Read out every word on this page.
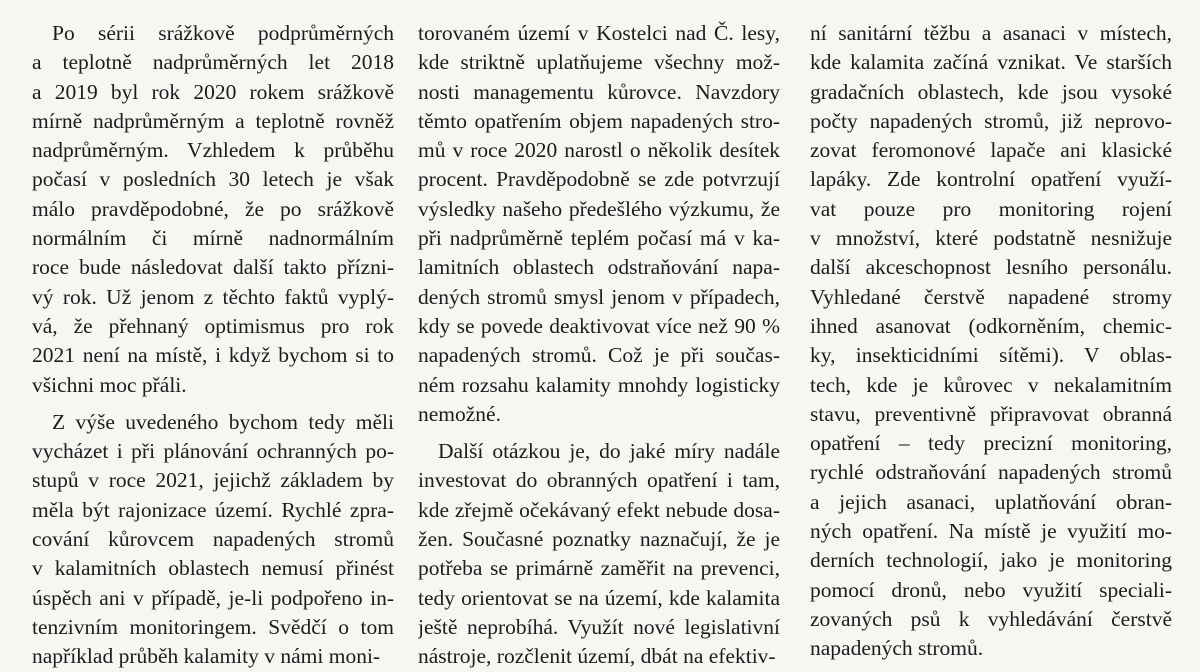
Po sérii srážkově podprůměrných
a teplotně nadprůměrných let 2018
a 2019 byl rok 2020 rokem srážkově
mírně nadprůměrným a teplotně rovněž
nadprůměrným. Vzhledem k průběhu
počasí v posledních 30 letech je však
málo pravděpodobné, že po srážkově
normálním či mírně nadnormálním
roce bude následovat další takto přízni-
vý rok. Už jenom z těchto faktů vyplý-
vá, že přehnaný optimismus pro rok
2021 není na místě, i když bychom si to
všichni moc přáli.
Z výše uvedeného bychom tedy měli
vycházet i při plánování ochranných po-
stupů v roce 2021, jejichž základem by
měla být rajonizace území. Rychlé zpra-
cování kůrovcem napadených stromů
v kalamitních oblastech nemusí přinést
úspěch ani v případě, je-li podpořeno in-
tenzivním monitoringem. Svědčí o tom
například průběh kalamity v námi moni-
torovaném území v Kostelci nad Č. lesy,
kde striktně uplatňujeme všechny mož-
nosti managementu kůrovce. Navzdory
těmto opatřením objem napadených stro-
mů v roce 2020 narostl o několik desítek
procent. Pravděpodobně se zde potvrzují
výsledky našeho předešlého výzkumu, že
při nadprůměrně teplém počasí má v ka-
lamitních oblastech odstraňování napa-
dených stromů smysl jenom v případech,
kdy se povede deaktivovat více než 90 %
napadených stromů. Což je při součas-
ném rozsahu kalamity mnohdy logisticky
nemožné.
Další otázkou je, do jaké míry nadále
investovat do obranných opatření i tam,
kde zřejmě očekávaný efekt nebude dosa-
žen. Současné poznatky naznačují, že je
potřeba se primárně zaměřit na prevenci,
tedy orientovat se na území, kde kalamita
ještě neprobíhá. Využít nové legislativní
nástroje, rozčlenit území, dbát na efektiv-
ní sanitární těžbu a asanaci v místech,
kde kalamita začíná vznikat. Ve starších
gradačních oblastech, kde jsou vysoké
počty napadených stromů, již neprovo-
zovat feromonové lapače ani klasické
lapáky. Zde kontrolní opatření využí-
vat pouze pro monitoring rojení
v množství, které podstatně nesnižuje
další akceschopnost lesního personálu.
Vyhledané čerstvě napadené stromy
ihned asanovat (odkorněním, chemic-
ky, insekticidními sítěmi). V oblas-
tech, kde je kůrovec v nekalamitním
stavu, preventivně připravovat obranná
opatření – tedy precizní monitoring,
rychlé odstraňování napadených stromů
a jejich asanaci, uplatňování obran-
ných opatření. Na místě je využití mo-
derních technologií, jako je monitoring
pomocí dronů, nebo využití speciali-
zovaných psů k vyhledávání čerstvě
napadených stromů.
